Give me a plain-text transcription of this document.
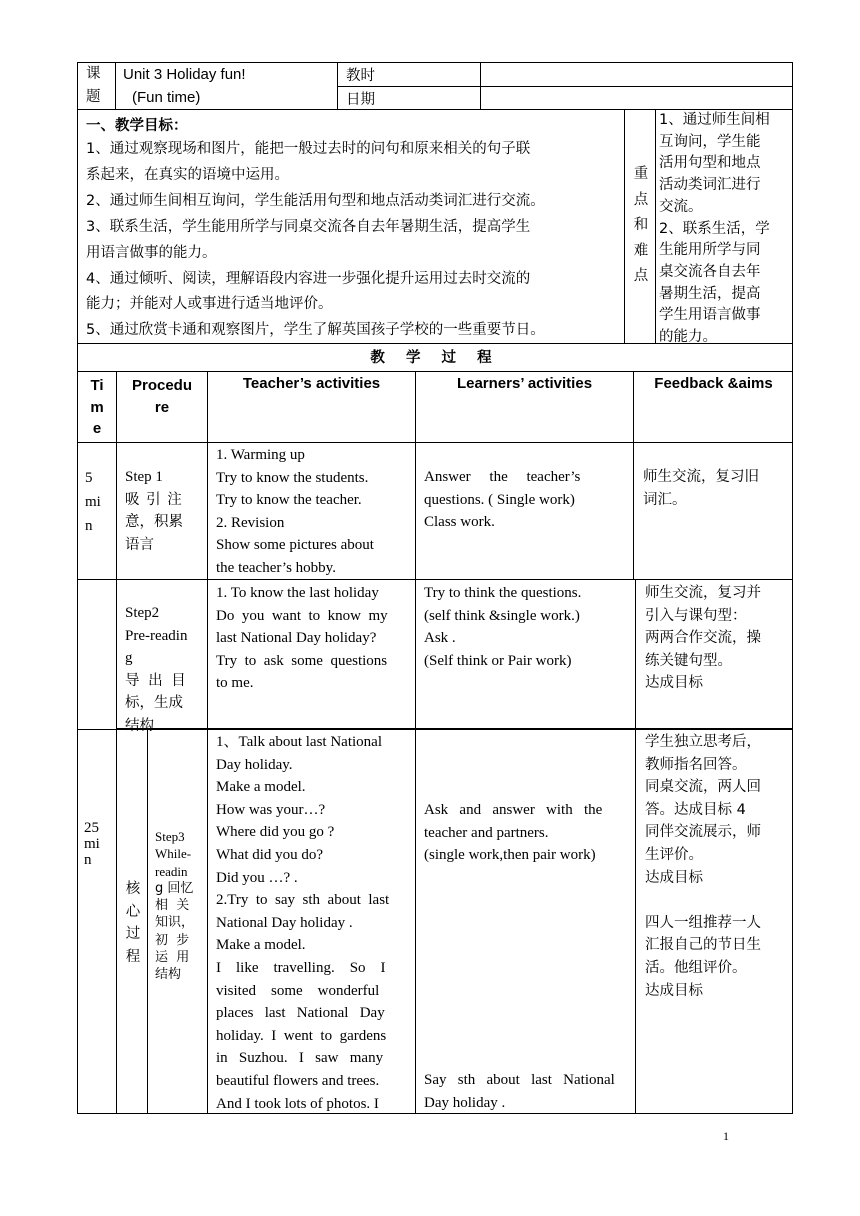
课题
Unit 3 Holiday fun!
(Fun time)
教时
日期
一、教学目标：
1、通过观察现场和图片，能把一般过去时的问句和原来相关的句子联
系起来，在真实的语境中运用。
2、通过师生间相互询问，学生能活用句型和地点活动类词汇进行交流。
3、联系生活，学生能用所学与同桌交流各自去年暑期生活，提高学生
用语言做事的能力。
4、通过倾听、阅读，理解语段内容进一步强化提升运用过去时交流的
能力；并能对人或事进行适当地评价。
5、通过欣赏卡通和观察图片，学生了解英国孩子学校的一些重要节日。
重
点
和
难
点
1、通过师生间相
互询问，学生能
活用句型和地点
活动类词汇进行
交流。
2、联系生活，学
生能用所学与同
桌交流各自去年
暑期生活，提高
学生用语言做事
的能力。
教 学 过 程
Ti
m
e
Procedu
re
Teacher’s activities	Learners’ activities	Feedback &aims
5
mi
n
Step 1
吸 引 注
意，积累
语言
1. Warming up
Try to know the students.
Try to know the teacher.
2. Revision
Show some pictures about
the teacher’s hobby.
Answer     the     teacher’s
questions. ( Single work)
Class work.
师生交流，复习旧
词汇。
Step2
Pre-readin
g
导 出 目
标，生成
结构
1. To know the last holiday
Do  you  want  to  know  my
last National Day holiday?
Try  to  ask  some  questions
to me.
Try to think the questions.
(self think &single work.)
Ask .
(Self think or Pair work)
师生交流，复习并
引入与课句型：
两两合作交流，操
练关键句型。
达成目标
25
mi
n
核
心
过
程
Step3
While-
readin
g 回忆
相  关
知识，
初  步
运  用
结构
1、Talk about last National
Day holiday.
Make a model.
How was your…?
Where did you go ?
What did you do?
Did you …? .
2.Try  to  say  sth  about  last
National Day holiday .
Make a model.
I    like    travelling.    So    I
visited    some    wonderful
places   last   National   Day
holiday.  I  went  to  gardens
in   Suzhou.   I   saw   many
beautiful flowers and trees.
And I took lots of photos. I
Ask   and   answer   with   the
teacher and partners.
(single work,then pair work)
Say   sth   about   last   National
Day holiday .
学生独立思考后，
教师指名回答。
同桌交流，两人回
答。达成目标 4
同伴交流展示，师
生评价。
达成目标
四人一组推荐一人
汇报自己的节日生
活。他组评价。
达成目标
1
